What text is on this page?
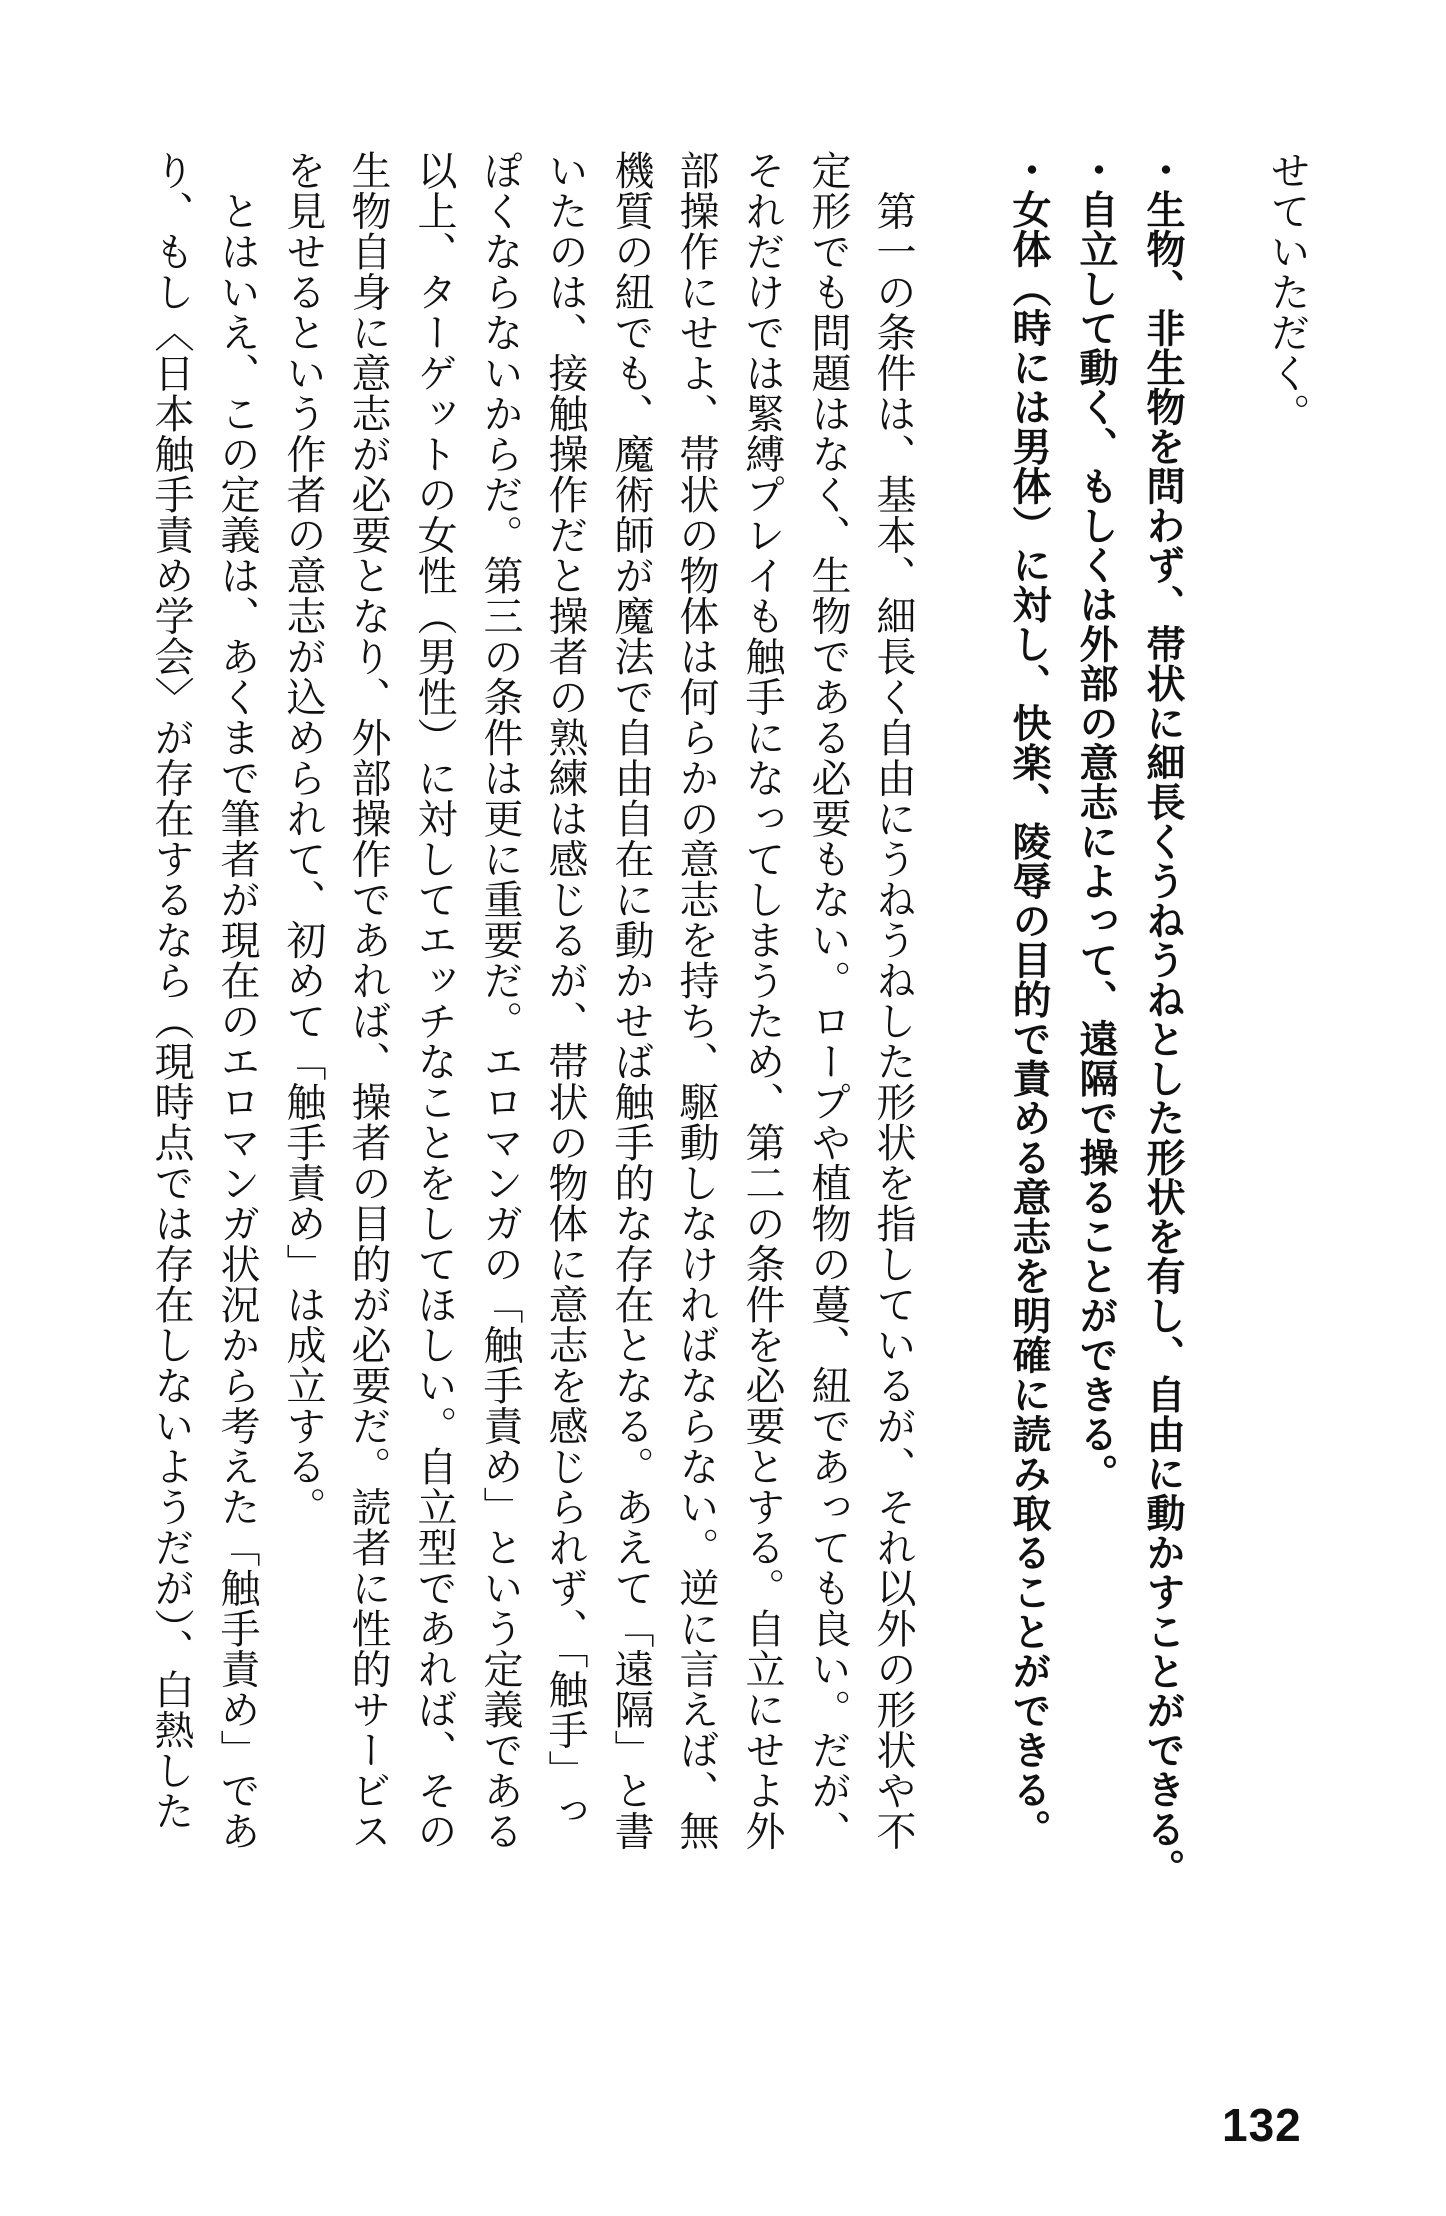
せていただく。
・生物、非生物を問わず、帯状に細長くうねうねとした形状を有し、自由に動かすことができる。
・自立して動く、もしくは外部の意志によって、遠隔で操ることができる。
・女体（時には男体）に対し、快楽、陵辱の目的で責める意志を明確に読み取ることができる。
　第一の条件は、基本、細長く自由にうねうねした形状を指しているが、それ以外の形状や不
定形でも問題はなく、生物である必要もない。ロープや植物の蔓、紐であっても良い。だが、
それだけでは緊縛プレイも触手になってしまうため、第二の条件を必要とする。自立にせよ外
部操作にせよ、帯状の物体は何らかの意志を持ち、駆動しなければならない。逆に言えば、無
機質の紐でも、魔術師が魔法で自由自在に動かせば触手的な存在となる。あえて「遠隔」と書
いたのは、接触操作だと操者の熟練は感じるが、帯状の物体に意志を感じられず、「触手」っ
ぽくならないからだ。第三の条件は更に重要だ。エロマンガの「触手責め」という定義である
以上、ターゲットの女性（男性）に対してエッチなことをしてほしい。自立型であれば、その
生物自身に意志が必要となり、外部操作であれば、操者の目的が必要だ。読者に性的サービス
を見せるという作者の意志が込められて、初めて「触手責め」は成立する。
　とはいえ、この定義は、あくまで筆者が現在のエロマンガ状況から考えた「触手責め」であ
り、もし〈日本触手責め学会〉が存在するなら（現時点では存在しないようだが）、白熱した
132
